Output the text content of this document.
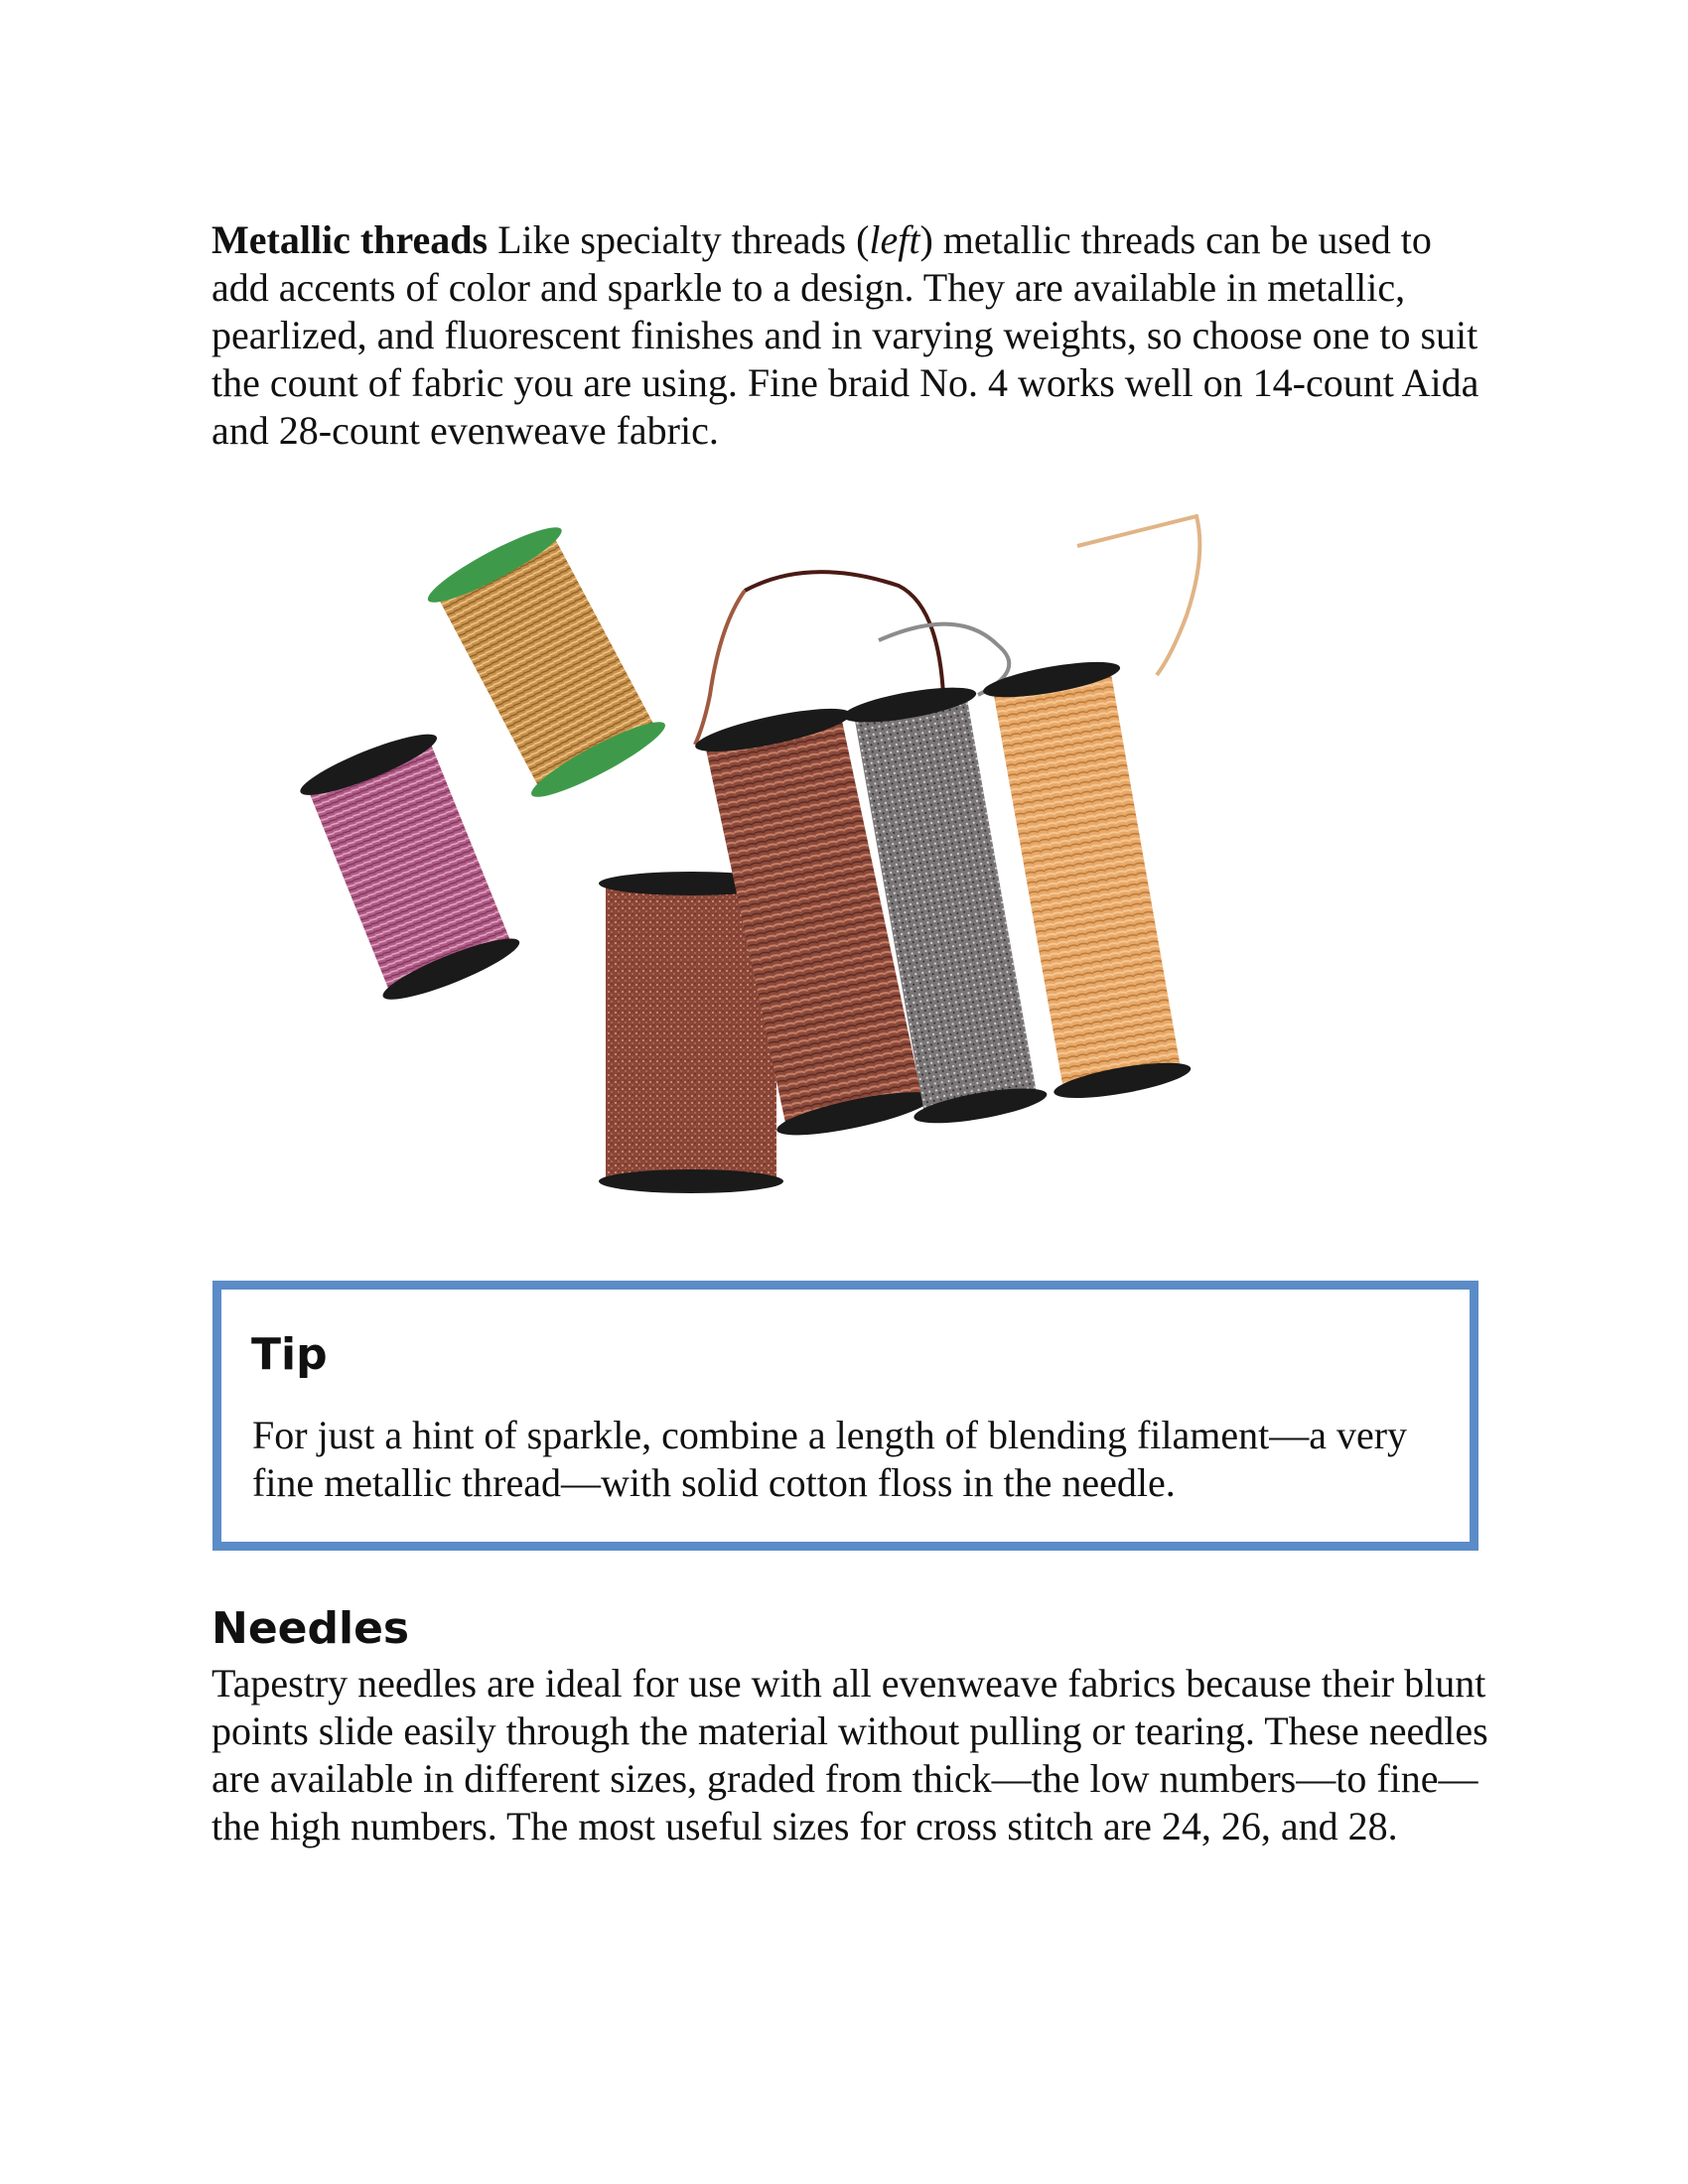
Metallic threads Like specialty threads (left) metallic threads can be used to add accents of color and sparkle to a design. They are available in metallic, pearlized, and fluorescent finishes and in varying weights, so choose one to suit the count of fabric you are using. Fine braid No. 4 works well on 14-count Aida and 28-count evenweave fabric.

Tip

For just a hint of sparkle, combine a length of blending filament—a very fine metallic thread—with solid cotton floss in the needle.

Needles

Tapestry needles are ideal for use with all evenweave fabrics because their blunt points slide easily through the material without pulling or tearing. These needles are available in different sizes, graded from thick—the low numbers—to fine—the high numbers. The most useful sizes for cross stitch are 24, 26, and 28.
